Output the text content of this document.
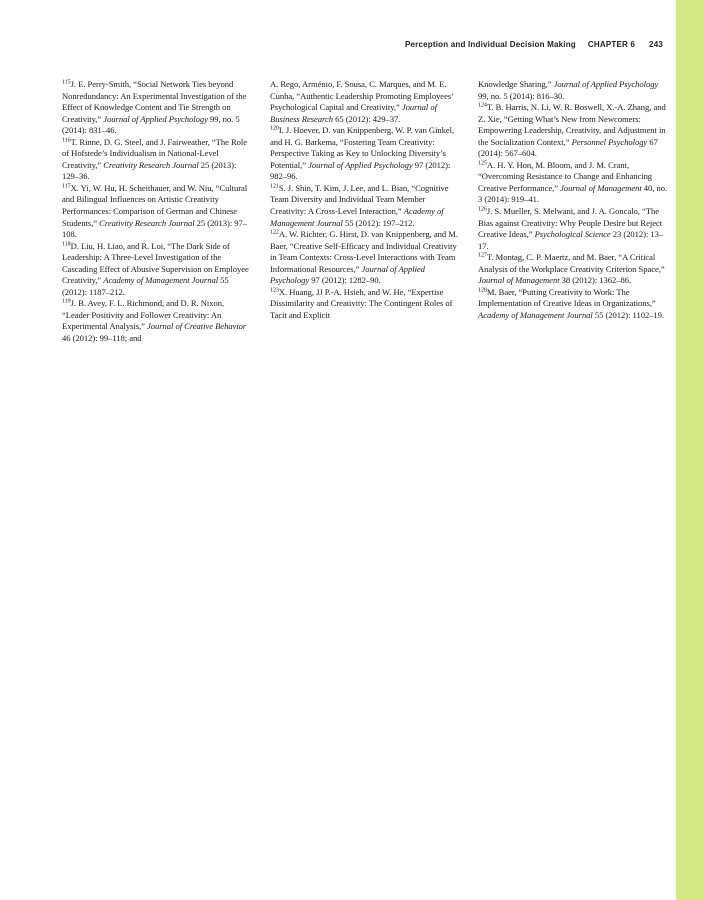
Perception and Individual Decision Making CHAPTER 6 243

$^{115}$J. E. Perry-Smith, “Social Network Ties beyond Nonredundancy: An Experimental Investigation of the Effect of Knowledge Content and Tie Strength on Creativity,” Journal of Applied Psychology 99, no. 5 (2014): 831–46.

$^{116}$T. Rinne, D. G. Steel, and J. Fairweather, “The Role of Hofstede’s Individualism in National-Level Creativity,” Creativity Research Journal 25 (2013): 129–36.

$^{117}$X. Yi, W. Hu, H. Scheithauer, and W. Niu, “Cultural and Bilingual Influences on Artistic Creativity Performances: Comparison of German and Chinese Students,” Creativity Research Journal 25 (2013): 97–108.

$^{118}$D. Liu, H. Liao, and R. Loi, “The Dark Side of Leadership: A Three-Level Investigation of the Cascading Effect of Abusive Supervision on Employee Creativity,” Academy of Management Journal 55 (2012): 1187–212.

$^{119}$J. B. Avey, F. L. Richmond, and D. R. Nixon, “Leader Positivity and Follower Creativity: An Experimental Analysis,” Journal of Creative Behavior 46 (2012): 99–118; and

A. Rego, Arménio, F. Sousa, C. Marques, and M. E. Cunha, “Authentic Leadership Promoting Employees’ Psychological Capital and Creativity,” Journal of Business Research 65 (2012): 429–37.

$^{120}$I. J. Hoever, D. van Knippenberg, W. P. van Ginkel, and H. G. Barkema, “Fostering Team Creativity: Perspective Taking as Key to Unlocking Diversity’s Potential,” Journal of Applied Psychology 97 (2012): 982–96.

$^{121}$S. J. Shin, T. Kim, J. Lee, and L. Bian, “Cognitive Team Diversity and Individual Team Member Creativity: A Cross-Level Interaction,” Academy of Management Journal 55 (2012): 197–212.

$^{122}$A. W. Richter, G. Hirst, D. van Knippenberg, and M. Baer, “Creative Self-Efficacy and Individual Creativity in Team Contexts: Cross-Level Interactions with Team Informational Resources,” Journal of Applied Psychology 97 (2012): 1282–90.

$^{123}$X. Huang, JJ P.-A. Hsieh, and W. He, “Expertise Dissimilarity and Creativity: The Contingent Roles of Tacit and Explicit

Knowledge Sharing,” Journal of Applied Psychology 99, no. 5 (2014): 816–30.

$^{124}$T. B. Harris, N. Li, W. R. Boswell, X.-A. Zhang, and Z. Xie, “Getting What’s New from Newcomers: Empowering Leadership, Creativity, and Adjustment in the Socialization Context,” Personnel Psychology 67 (2014): 567–604.

$^{125}$A. H. Y. Hon, M. Bloom, and J. M. Crant, “Overcoming Resistance to Change and Enhancing Creative Performance,” Journal of Management 40, no. 3 (2014): 919–41.

$^{126}$J. S. Mueller, S. Melwani, and J. A. Goncalo, “The Bias against Creativity: Why People Desire but Reject Creative Ideas,” Psychological Science 23 (2012): 13–17.

$^{127}$T. Montag, C. P. Maertz, and M. Baer, “A Critical Analysis of the Workplace Creativity Criterion Space,” Journal of Management 38 (2012): 1362–86.

$^{128}$M. Baer, “Putting Creativity to Work: The Implementation of Creative Ideas in Organizations,” Academy of Management Journal 55 (2012): 1102–19.
